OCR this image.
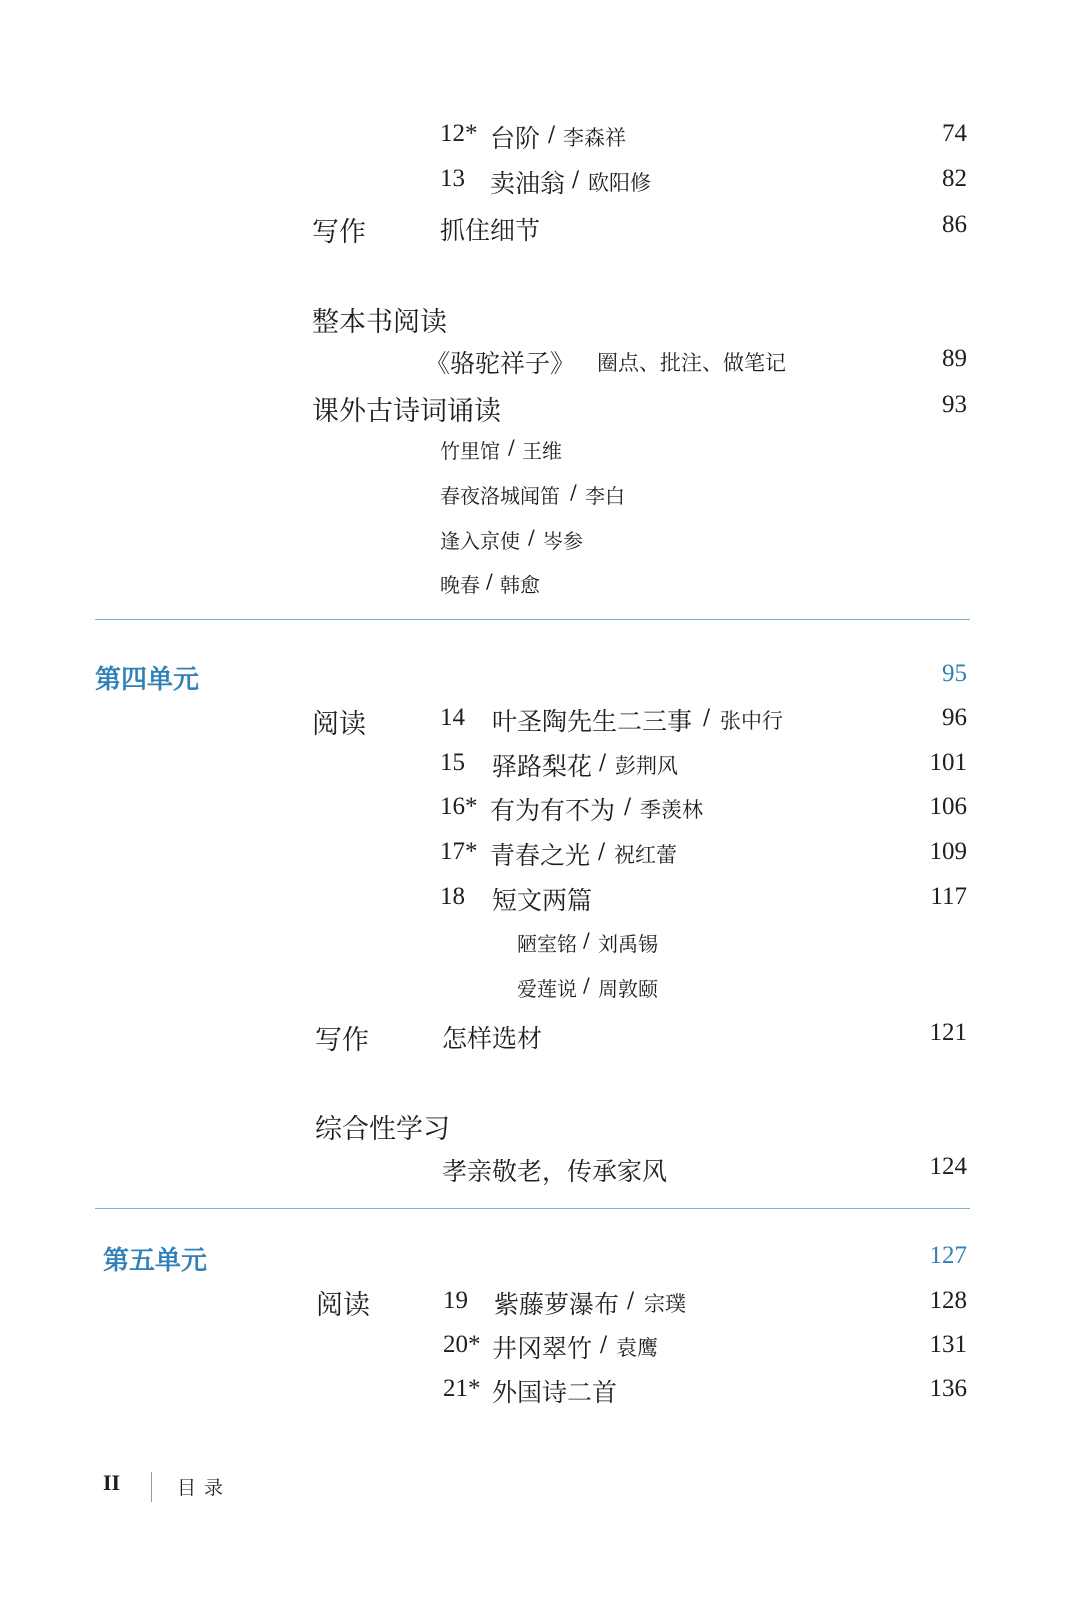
12* 台阶 / 李森祥	74
13 卖油翁 / 欧阳修	82
写作	抓住细节	86
整本书阅读
《骆驼祥子》 圈点、批注、做笔记	89
课外古诗词诵读	93
竹里馆 / 王维
春夜洛城闻笛 / 李白
逢入京使 / 岑参
晚春 / 韩愈
第四单元	95
阅读	14 叶圣陶先生二三事 / 张中行	96
15 驿路梨花 / 彭荆风	101
16* 有为有不为 / 季羡林	106
17* 青春之光 / 祝红蕾	109
18 短文两篇	117
陋室铭 / 刘禹锡
爱莲说 / 周敦颐
写作	怎样选材	121
综合性学习
孝亲敬老，传承家风	124
第五单元	127
阅读	19 紫藤萝瀑布 / 宗璞	128
20* 井冈翠竹 / 袁鹰	131
21* 外国诗二首	136
II	目录
